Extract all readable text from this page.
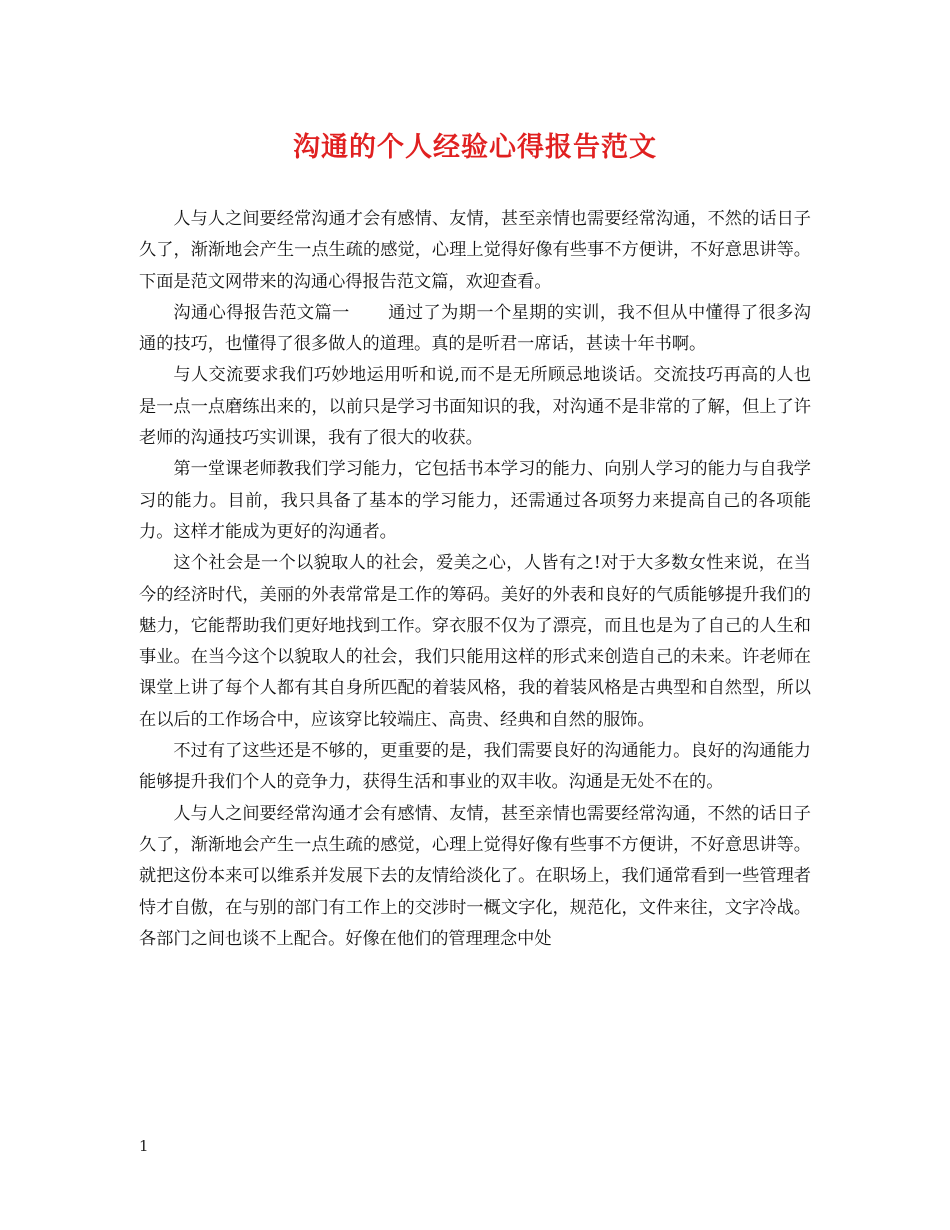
沟通的个人经验心得报告范文

人与人之间要经常沟通才会有感情、友情，甚至亲情也需要经常沟通，不然的话日子久了，渐渐地会产生一点生疏的感觉，心理上觉得好像有些事不方便讲，不好意思讲等。下面是范文网带来的沟通心得报告范文篇，欢迎查看。

沟通心得报告范文篇一 通过了为期一个星期的实训，我不但从中懂得了很多沟通的技巧，也懂得了很多做人的道理。真的是听君一席话，甚读十年书啊。

与人交流要求我们巧妙地运用听和说,而不是无所顾忌地谈话。交流技巧再高的人也是一点一点磨练出来的，以前只是学习书面知识的我，对沟通不是非常的了解，但上了许老师的沟通技巧实训课，我有了很大的收获。

第一堂课老师教我们学习能力，它包括书本学习的能力、向别人学习的能力与自我学习的能力。目前，我只具备了基本的学习能力，还需通过各项努力来提高自己的各项能力。这样才能成为更好的沟通者。

这个社会是一个以貌取人的社会，爱美之心，人皆有之!对于大多数女性来说，在当今的经济时代，美丽的外表常常是工作的筹码。美好的外表和良好的气质能够提升我们的魅力，它能帮助我们更好地找到工作。穿衣服不仅为了漂亮，而且也是为了自己的人生和事业。在当今这个以貌取人的社会，我们只能用这样的形式来创造自己的未来。许老师在课堂上讲了每个人都有其自身所匹配的着装风格，我的着装风格是古典型和自然型，所以在以后的工作场合中，应该穿比较端庄、高贵、经典和自然的服饰。

不过有了这些还是不够的，更重要的是，我们需要良好的沟通能力。良好的沟通能力能够提升我们个人的竞争力，获得生活和事业的双丰收。沟通是无处不在的。

人与人之间要经常沟通才会有感情、友情，甚至亲情也需要经常沟通，不然的话日子久了，渐渐地会产生一点生疏的感觉，心理上觉得好像有些事不方便讲，不好意思讲等。就把这份本来可以维系并发展下去的友情给淡化了。在职场上，我们通常看到一些管理者恃才自傲，在与别的部门有工作上的交涉时一概文字化，规范化，文件来往，文字冷战。各部门之间也谈不上配合。好像在他们的管理理念中处

1
